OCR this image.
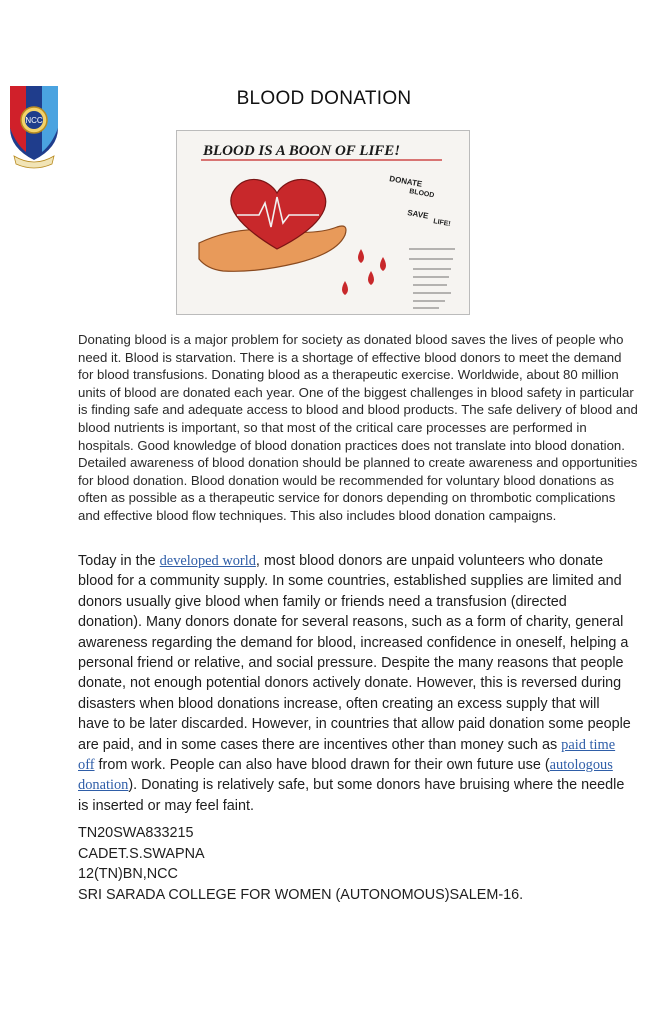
NCC
BLOOD DONATION
BLOOD IS A BOON OF LIFE!
DONATE
BLOOD
SAVE
LIFE!

Donating blood is a major problem for society as donated blood saves the lives of people who need it. Blood is starvation. There is a shortage of effective blood donors to meet the demand for blood transfusions. Donating blood as a therapeutic exercise. Worldwide, about 80 million units of blood are donated each year. One of the biggest challenges in blood safety in particular is finding safe and adequate access to blood and blood products. The safe delivery of blood and blood nutrients is important, so that most of the critical care processes are performed in hospitals. Good knowledge of blood donation practices does not translate into blood donation. Detailed awareness of blood donation should be planned to create awareness and opportunities for blood donation. Blood donation would be recommended for voluntary blood donations as often as possible as a therapeutic service for donors depending on thrombotic complications and effective blood flow techniques. This also includes blood donation campaigns.

Today in the developed world, most blood donors are unpaid volunteers who donate blood for a community supply. In some countries, established supplies are limited and donors usually give blood when family or friends need a transfusion (directed donation). Many donors donate for several reasons, such as a form of charity, general awareness regarding the demand for blood, increased confidence in oneself, helping a personal friend or relative, and social pressure. Despite the many reasons that people donate, not enough potential donors actively donate. However, this is reversed during disasters when blood donations increase, often creating an excess supply that will have to be later discarded. However, in countries that allow paid donation some people are paid, and in some cases there are incentives other than money such as paid time off from work. People can also have blood drawn for their own future use (autologous donation). Donating is relatively safe, but some donors have bruising where the needle is inserted or may feel faint.

TN20SWA833215
CADET.S.SWAPNA
12(TN)BN,NCC
SRI SARADA COLLEGE FOR WOMEN (AUTONOMOUS)SALEM-16.
